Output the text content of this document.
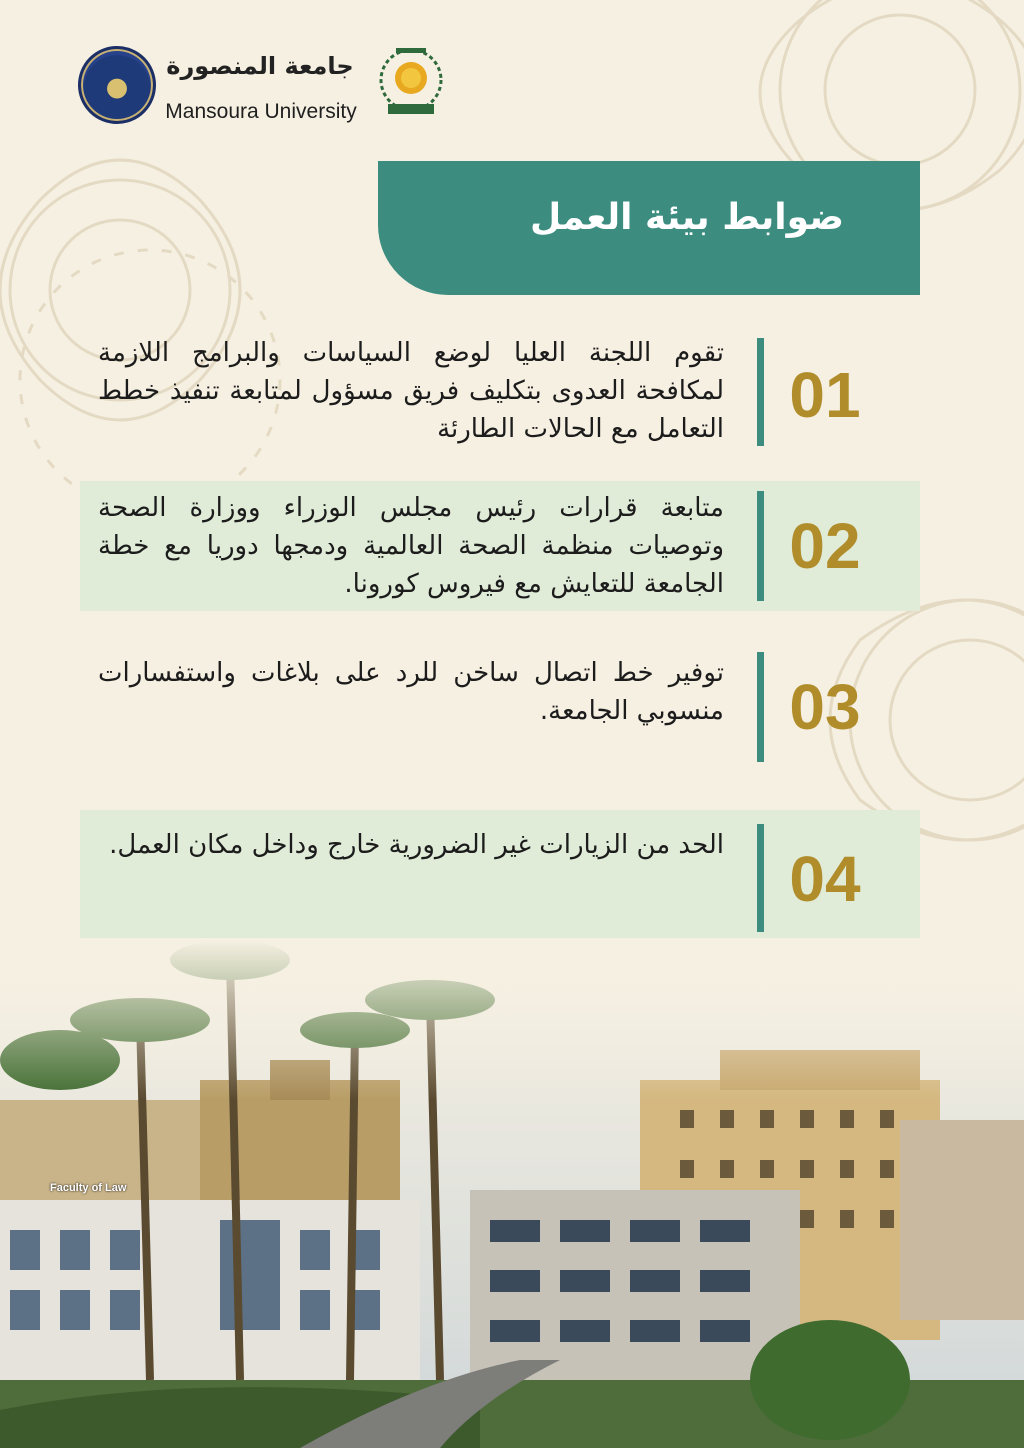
جامعة المنصورة
Mansoura University
ضوابط بيئة العمل
01
تقوم اللجنة العليا لوضع السياسات والبرامج اللازمة لمكافحة العدوى بتكليف فريق مسؤول لمتابعة تنفيذ خطط التعامل مع الحالات الطارئة
02
متابعة قرارات رئيس مجلس الوزراء ووزارة الصحة وتوصيات منظمة الصحة العالمية ودمجها دوريا مع خطة الجامعة للتعايش مع فيروس كورونا.
03
توفير خط اتصال ساخن للرد على بلاغات واستفسارات منسوبي الجامعة.
04
الحد من الزيارات غير الضرورية خارج وداخل مكان العمل.
Faculty of Law
